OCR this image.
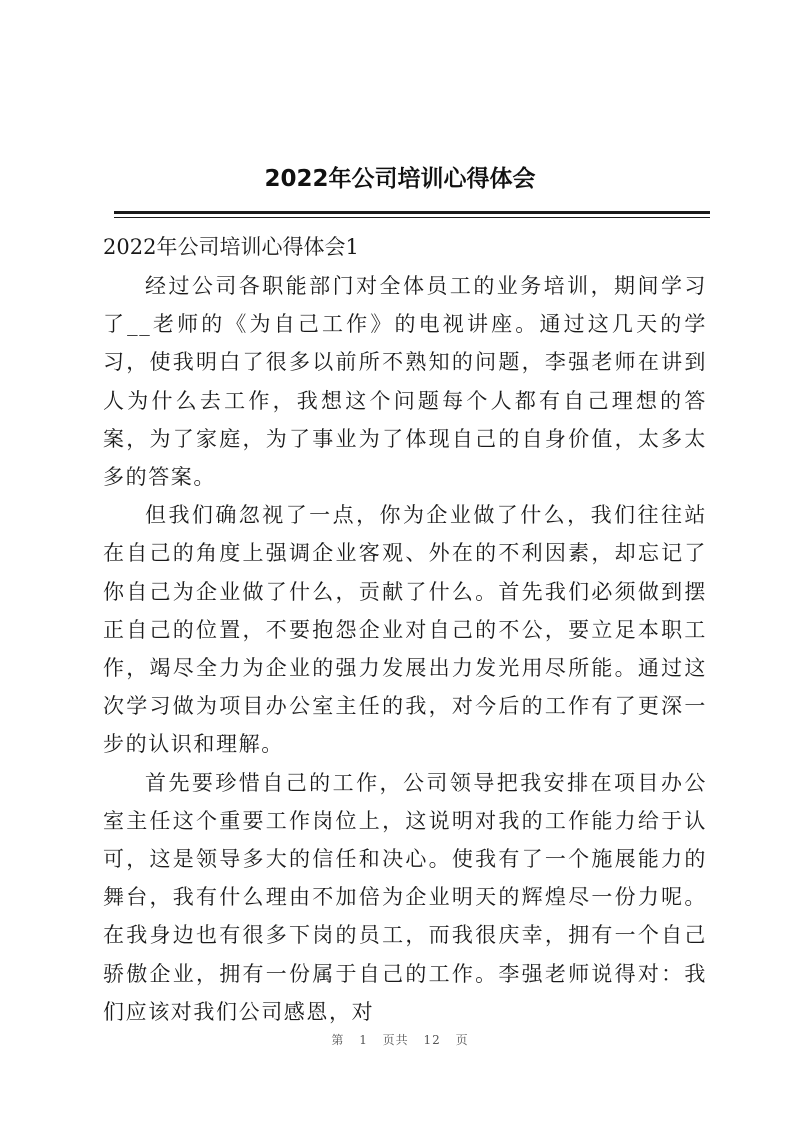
2022年公司培训心得体会
2022年公司培训心得体会1

经过公司各职能部门对全体员工的业务培训，期间学习了__老师的《为自己工作》的电视讲座。通过这几天的学习，使我明白了很多以前所不熟知的问题，李强老师在讲到人为什么去工作，我想这个问题每个人都有自己理想的答案，为了家庭，为了事业为了体现自己的自身价值，太多太多的答案。

但我们确忽视了一点，你为企业做了什么，我们往往站在自己的角度上强调企业客观、外在的不利因素，却忘记了你自己为企业做了什么，贡献了什么。首先我们必须做到摆正自己的位置，不要抱怨企业对自己的不公，要立足本职工作，竭尽全力为企业的强力发展出力发光用尽所能。通过这次学习做为项目办公室主任的我，对今后的工作有了更深一步的认识和理解。

首先要珍惜自己的工作，公司领导把我安排在项目办公室主任这个重要工作岗位上，这说明对我的工作能力给于认可，这是领导多大的信任和决心。使我有了一个施展能力的舞台，我有什么理由不加倍为企业明天的辉煌尽一份力呢。在我身边也有很多下岗的员工，而我很庆幸，拥有一个自己骄傲企业，拥有一份属于自己的工作。李强老师说得对：我们应该对我们公司感恩，对

第 1 页共 12 页
